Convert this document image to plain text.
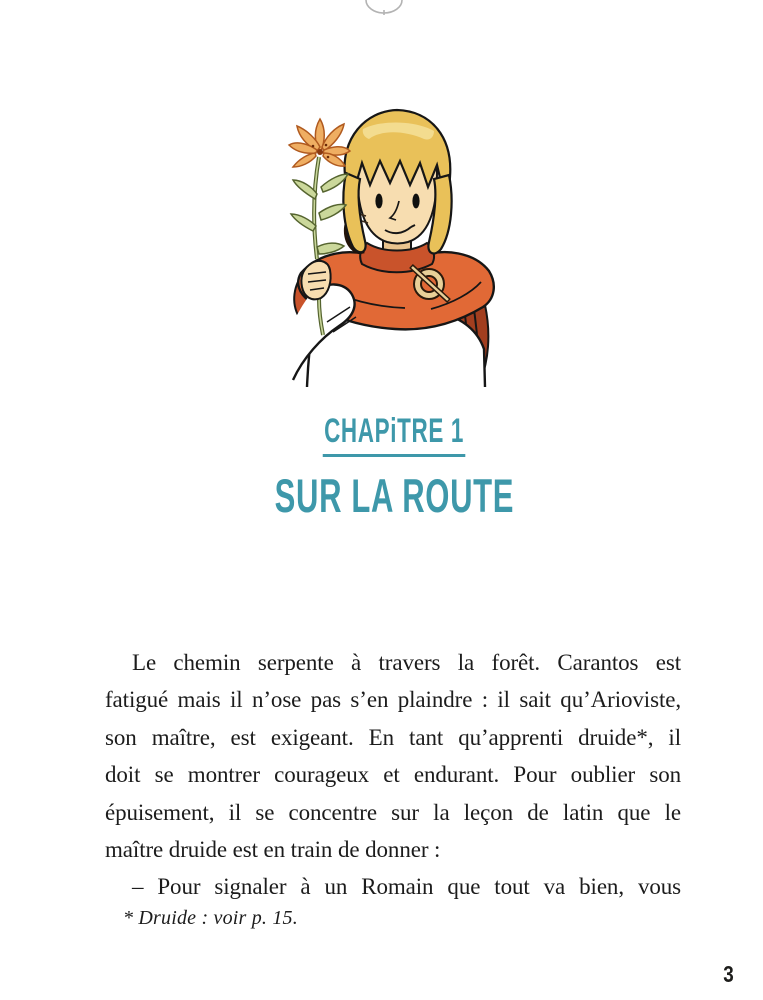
CHAPiTRE 1
SUR LA ROUTE
Le chemin serpente à travers la forêt. Carantos est
fatigué mais il n’ose pas s’en plaindre : il sait qu’Arioviste,
son maître, est exigeant. En tant qu’apprenti druide*, il
doit se montrer courageux et endurant. Pour oublier son
épuisement, il se concentre sur la leçon de latin que le
maître druide est en train de donner :
– Pour signaler à un Romain que tout va bien, vous
* Druide : voir p. 15.
3
